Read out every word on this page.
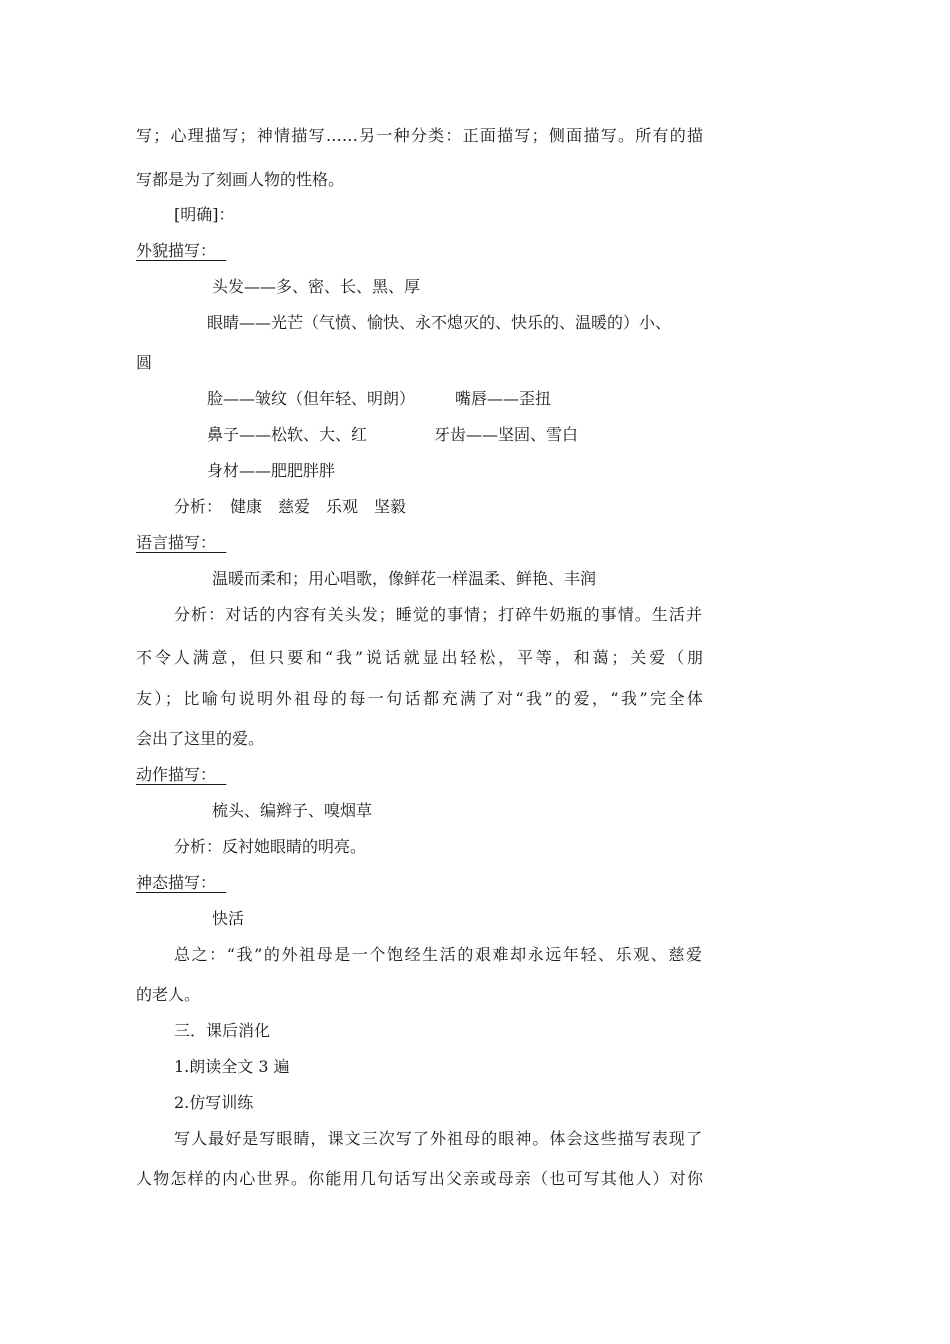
写；心理描写；神情描写……另一种分类：正面描写；侧面描写。所有的描
写都是为了刻画人物的性格。
[明确]：
外貌描写：
头发——多、密、长、黑、厚
眼睛——光芒（气愤、愉快、永不熄灭的、快乐的、温暖的）小、
圆
脸——皱纹（但年轻、明朗） 嘴唇——歪扭
鼻子——松软、大、红	牙齿——坚固、雪白
身材——肥肥胖胖
分析：　健康　慈爱　乐观　坚毅
语言描写：
温暖而柔和；用心唱歌，像鲜花一样温柔、鲜艳、丰润
分析：对话的内容有关头发；睡觉的事情；打碎牛奶瓶的事情。生活并
不令人满意，但只要和“我”说话就显出轻松，平等，和蔼；关爱（朋
友）；比喻句说明外祖母的每一句话都充满了对“我”的爱，“我”完全体
会出了这里的爱。
动作描写：
梳头、编辫子、嗅烟草
分析：反衬她眼睛的明亮。
神态描写：
快活
总之：“我”的外祖母是一个饱经生活的艰难却永远年轻、乐观、慈爱
的老人。
三．课后消化
1.朗读全文 3 遍
2.仿写训练
写人最好是写眼睛，课文三次写了外祖母的眼神。体会这些描写表现了
人物怎样的内心世界。你能用几句话写出父亲或母亲（也可写其他人）对你
